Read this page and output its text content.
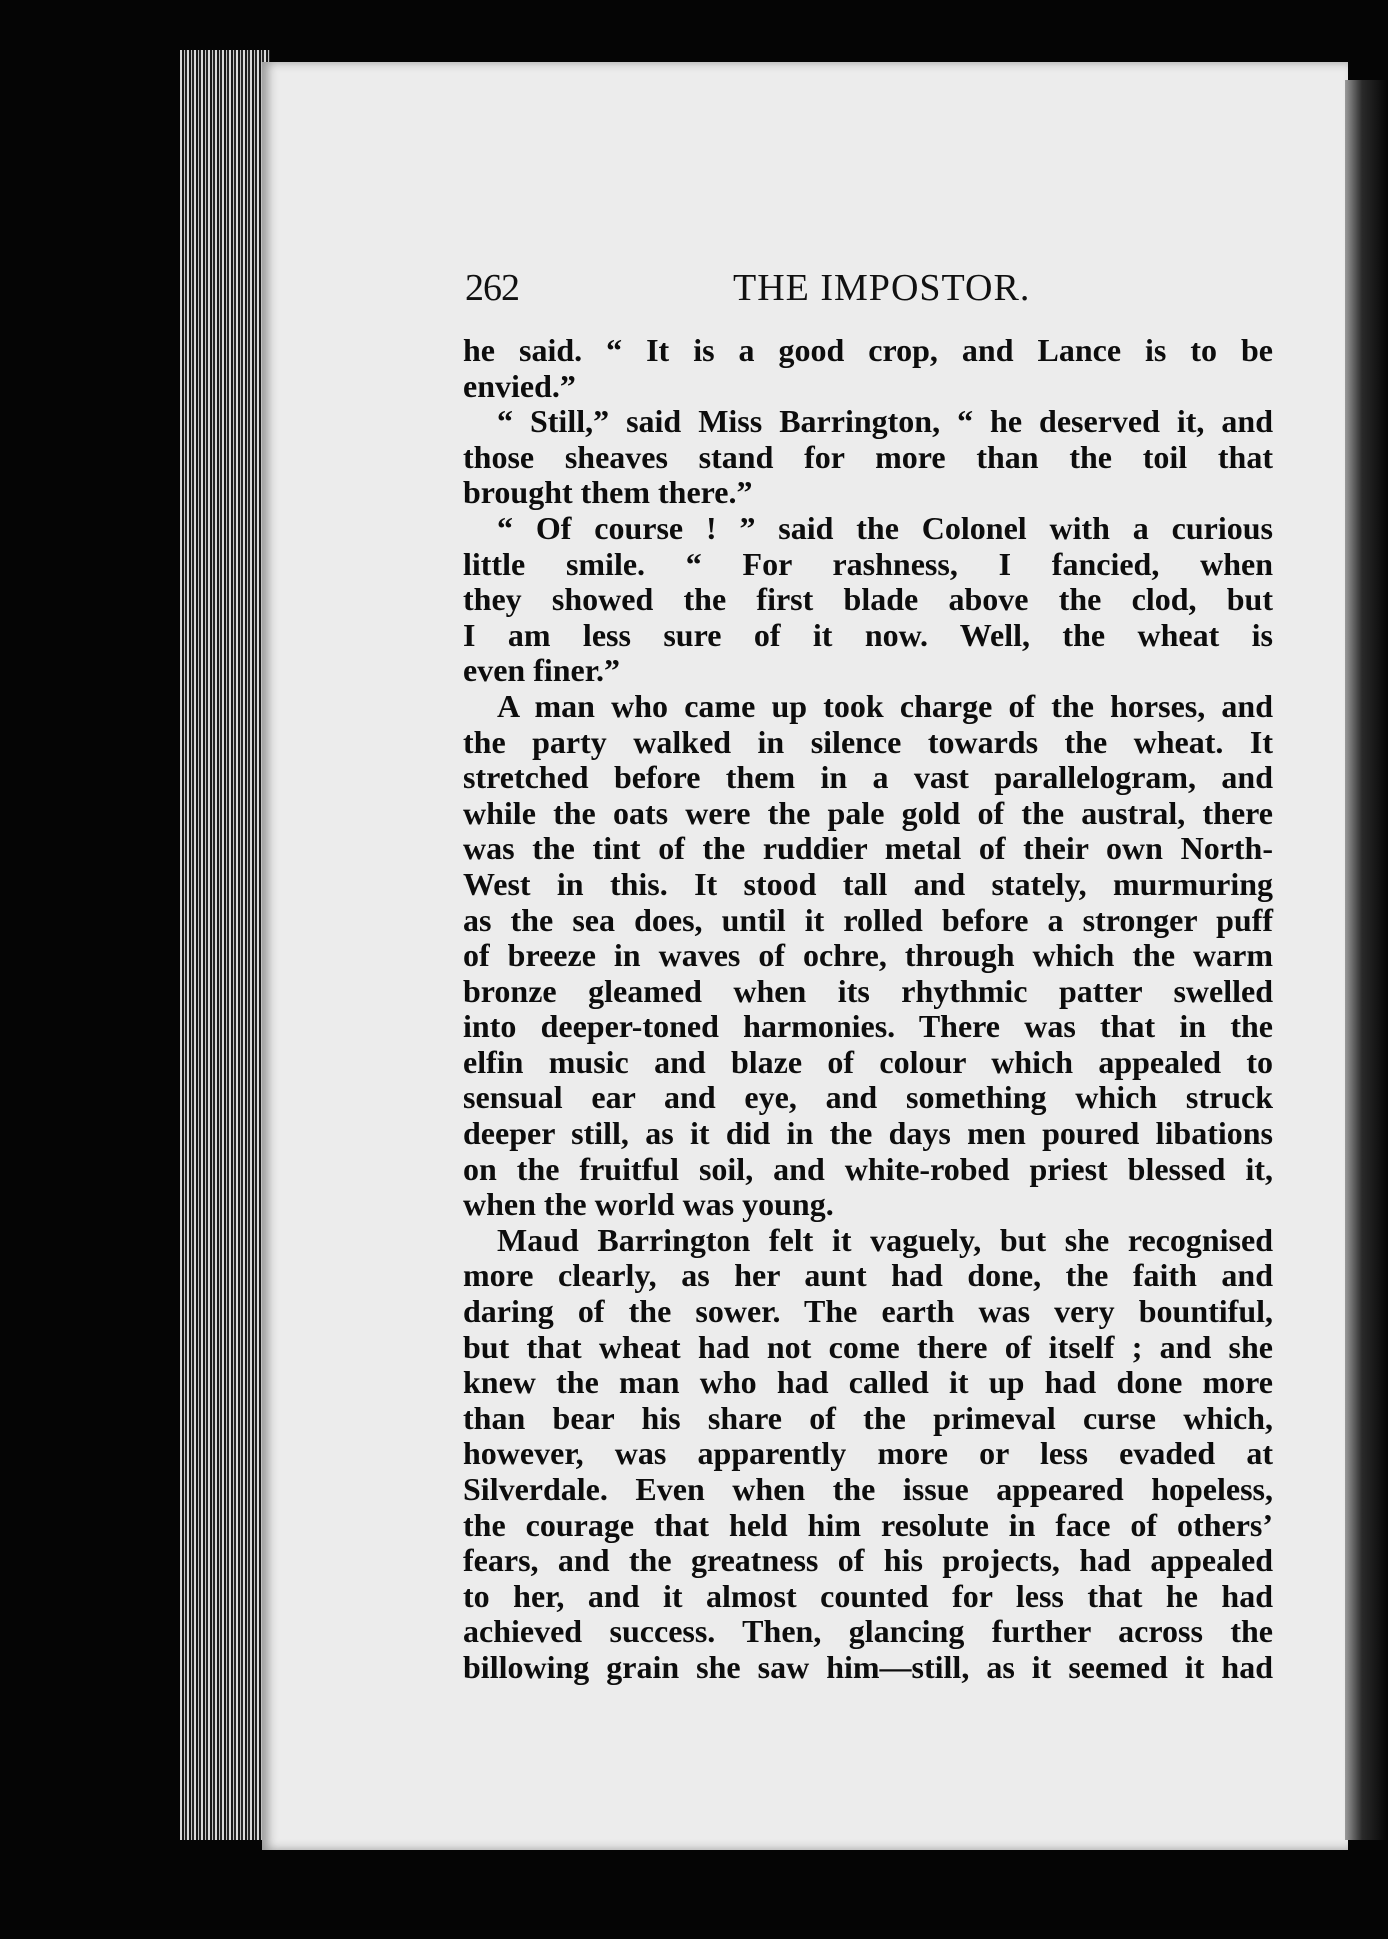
262	THE IMPOSTOR.
he said. “ It is a good crop, and Lance is to be
envied.”
“ Still,” said Miss Barrington, “ he deserved it, and
those sheaves stand for more than the toil that
brought them there.”
“ Of course ! ” said the Colonel with a curious
little smile. “ For rashness, I fancied, when
they showed the first blade above the clod, but
I am less sure of it now. Well, the wheat is
even finer.”
A man who came up took charge of the horses, and
the party walked in silence towards the wheat. It
stretched before them in a vast parallelogram, and
while the oats were the pale gold of the austral, there
was the tint of the ruddier metal of their own North-
West in this. It stood tall and stately, murmuring
as the sea does, until it rolled before a stronger puff
of breeze in waves of ochre, through which the warm
bronze gleamed when its rhythmic patter swelled
into deeper-toned harmonies. There was that in the
elfin music and blaze of colour which appealed to
sensual ear and eye, and something which struck
deeper still, as it did in the days men poured libations
on the fruitful soil, and white-robed priest blessed it,
when the world was young.
Maud Barrington felt it vaguely, but she recognised
more clearly, as her aunt had done, the faith and
daring of the sower. The earth was very bountiful,
but that wheat had not come there of itself ; and she
knew the man who had called it up had done more
than bear his share of the primeval curse which,
however, was apparently more or less evaded at
Silverdale. Even when the issue appeared hopeless,
the courage that held him resolute in face of others’
fears, and the greatness of his projects, had appealed
to her, and it almost counted for less that he had
achieved success. Then, glancing further across the
billowing grain she saw him—still, as it seemed it had
